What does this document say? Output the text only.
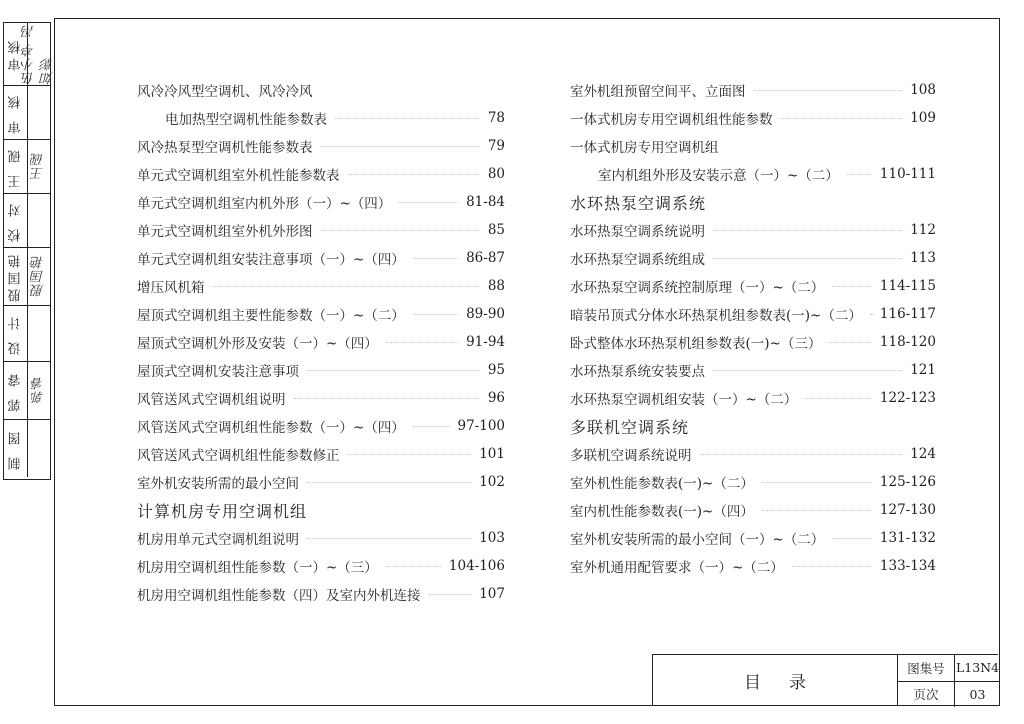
审核
伍小亭 冯如彰
审 核
王 砚 王砚
校 对
殷国艳 殷国艳
设 计
郭 睿 郭睿
制 图
风冷冷风型空调机、风冷冷风
电加热型空调机性能参数表	78
风冷热泵型空调机性能参数表	79
单元式空调机组室外机性能参数表	80
单元式空调机组室内机外形（一）~（四）	81-84
单元式空调机组室外机外形图	85
单元式空调机组安装注意事项（一）~（四）	86-87
增压风机箱	88
屋顶式空调机组主要性能参数（一）~（二）	89-90
屋顶式空调机外形及安装（一）~（四）	91-94
屋顶式空调机安装注意事项	95
风管送风式空调机组说明	96
风管送风式空调机组性能参数（一）~（四）	97-100
风管送风式空调机组性能参数修正	101
室外机安装所需的最小空间	102
计算机房专用空调机组
机房用单元式空调机组说明	103
机房用空调机组性能参数（一）~（三）	104-106
机房用空调机组性能参数（四）及室内外机连接	107
室外机组预留空间平、立面图	108
一体式机房专用空调机组性能参数	109
一体式机房专用空调机组
室内机组外形及安装示意（一）~（二）	110-111
水环热泵空调系统
水环热泵空调系统说明	112
水环热泵空调系统组成	113
水环热泵空调系统控制原理（一）~（二）	114-115
暗装吊顶式分体水环热泵机组参数表(一)~（二） 116-117
卧式整体水环热泵机组参数表(一)~（三）	118-120
水环热泵系统安装要点	121
水环热泵空调机组安装（一）~（二）	122-123
多联机空调系统
多联机空调系统说明	124
室外机性能参数表(一)~（二）	125-126
室内机性能参数表(一)~（四）	127-130
室外机安装所需的最小空间（一）~（二）	131-132
室外机通用配管要求（一）~（二）	133-134
目录
图集号 L13N4
页次	03
